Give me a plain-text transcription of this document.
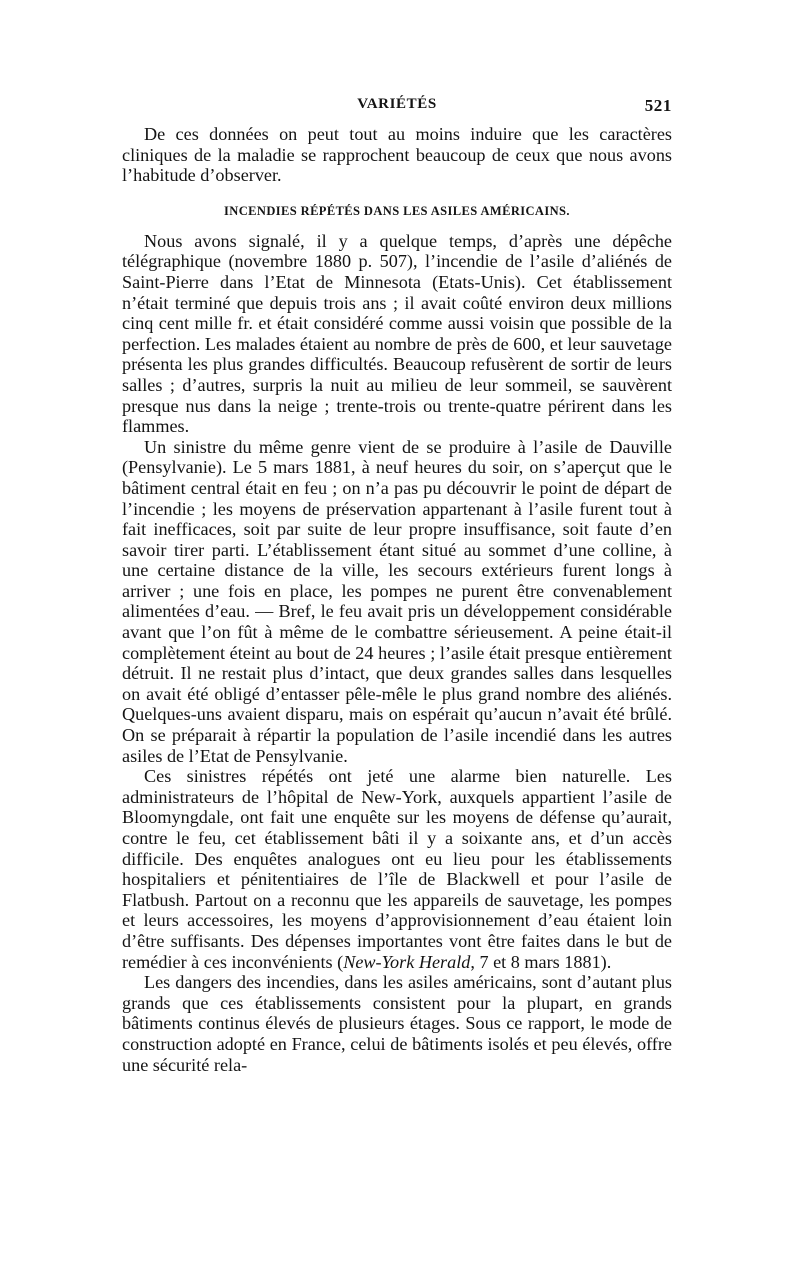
VARIÉTÉS	521

De ces données on peut tout au moins induire que les caractères cliniques de la maladie se rapprochent beaucoup de ceux que nous avons l’habitude d’observer.

INCENDIES RÉPÉTÉS DANS LES ASILES AMÉRICAINS.

Nous avons signalé, il y a quelque temps, d’après une dépêche télégraphique (novembre 1880 p. 507), l’incendie de l’asile d’aliénés de Saint-Pierre dans l’Etat de Minnesota (Etats-Unis). Cet établissement n’était terminé que depuis trois ans ; il avait coûté environ deux millions cinq cent mille fr. et était considéré comme aussi voisin que possible de la perfection. Les malades étaient au nombre de près de 600, et leur sauvetage présenta les plus grandes difficultés. Beaucoup refusèrent de sortir de leurs salles ; d’autres, surpris la nuit au milieu de leur sommeil, se sauvèrent presque nus dans la neige ; trente-trois ou trente-quatre périrent dans les flammes.

Un sinistre du même genre vient de se produire à l’asile de Dauville (Pensylvanie). Le 5 mars 1881, à neuf heures du soir, on s’aperçut que le bâtiment central était en feu ; on n’a pas pu découvrir le point de départ de l’incendie ; les moyens de préservation appartenant à l’asile furent tout à fait inefficaces, soit par suite de leur propre insuffisance, soit faute d’en savoir tirer parti. L’établissement étant situé au sommet d’une colline, à une certaine distance de la ville, les secours extérieurs furent longs à arriver ; une fois en place, les pompes ne purent être convenablement alimentées d’eau. — Bref, le feu avait pris un développement considérable avant que l’on fût à même de le combattre sérieusement. A peine était-il complètement éteint au bout de 24 heures ; l’asile était presque entièrement détruit. Il ne restait plus d’intact, que deux grandes salles dans lesquelles on avait été obligé d’entasser pêle-mêle le plus grand nombre des aliénés. Quelques-uns avaient disparu, mais on espérait qu’aucun n’avait été brûlé. On se préparait à répartir la population de l’asile incendié dans les autres asiles de l’Etat de Pensylvanie.

Ces sinistres répétés ont jeté une alarme bien naturelle. Les administrateurs de l’hôpital de New-York, auxquels appartient l’asile de Bloomyngdale, ont fait une enquête sur les moyens de défense qu’aurait, contre le feu, cet établissement bâti il y a soixante ans, et d’un accès difficile. Des enquêtes analogues ont eu lieu pour les établissements hospitaliers et pénitentiaires de l’île de Blackwell et pour l’asile de Flatbush. Partout on a reconnu que les appareils de sauvetage, les pompes et leurs accessoires, les moyens d’approvisionnement d’eau étaient loin d’être suffisants. Des dépenses importantes vont être faites dans le but de remédier à ces inconvénients (New-York Herald, 7 et 8 mars 1881).

Les dangers des incendies, dans les asiles américains, sont d’autant plus grands que ces établissements consistent pour la plupart, en grands bâtiments continus élevés de plusieurs étages. Sous ce rapport, le mode de construction adopté en France, celui de bâtiments isolés et peu élevés, offre une sécurité rela-
